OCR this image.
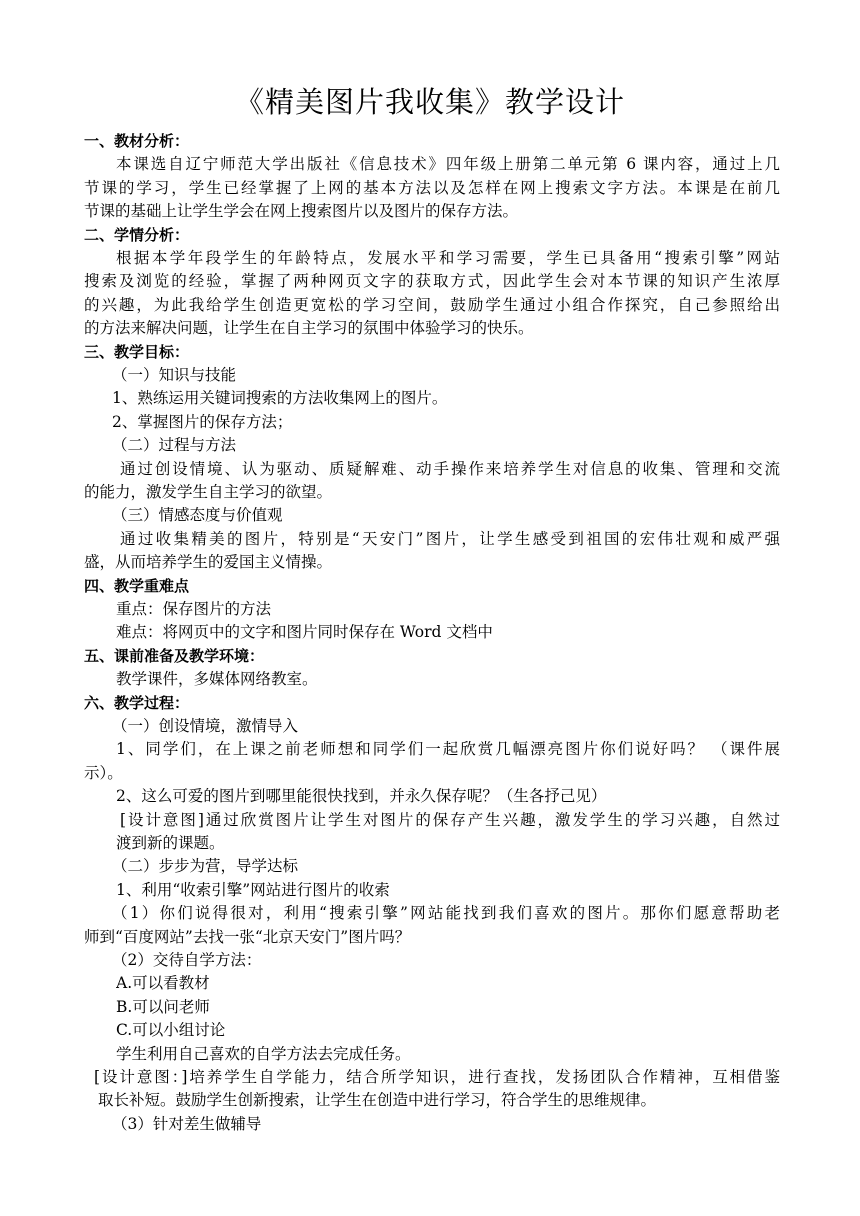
《精美图片我收集》教学设计
一、教材分析：
本课选自辽宁师范大学出版社《信息技术》四年级上册第二单元第 6 课内容，通过上几
节课的学习，学生已经掌握了上网的基本方法以及怎样在网上搜索文字方法。本课是在前几
节课的基础上让学生学会在网上搜索图片以及图片的保存方法。
二、学情分析：
根据本学年段学生的年龄特点，发展水平和学习需要，学生已具备用“搜索引擎”网站
搜索及浏览的经验，掌握了两种网页文字的获取方式，因此学生会对本节课的知识产生浓厚
的兴趣，为此我给学生创造更宽松的学习空间，鼓励学生通过小组合作探究，自己参照给出
的方法来解决问题，让学生在自主学习的氛围中体验学习的快乐。
三、教学目标：
（一）知识与技能
1、熟练运用关键词搜索的方法收集网上的图片。
2、掌握图片的保存方法；
（二）过程与方法
通过创设情境、认为驱动、质疑解难、动手操作来培养学生对信息的收集、管理和交流
的能力，激发学生自主学习的欲望。
（三）情感态度与价值观
通过收集精美的图片，特别是“天安门”图片，让学生感受到祖国的宏伟壮观和威严强
盛，从而培养学生的爱国主义情操。
四、教学重难点
重点：保存图片的方法
难点：将网页中的文字和图片同时保存在 Word 文档中
五、课前准备及教学环境：
教学课件，多媒体网络教室。
六、教学过程：
（一）创设情境，激情导入
1、同学们，在上课之前老师想和同学们一起欣赏几幅漂亮图片你们说好吗？ （课件展
示）。
2、这么可爱的图片到哪里能很快找到，并永久保存呢？（生各抒己见）
[设计意图]通过欣赏图片让学生对图片的保存产生兴趣，激发学生的学习兴趣，自然过
渡到新的课题。
（二）步步为营，导学达标
1、利用“收索引擎”网站进行图片的收索
（1）你们说得很对，利用“搜索引擎”网站能找到我们喜欢的图片。那你们愿意帮助老
师到“百度网站”去找一张“北京天安门”图片吗？
（2）交待自学方法：
A.可以看教材
B.可以问老师
C.可以小组讨论
学生利用自己喜欢的自学方法去完成任务。
[设计意图：]培养学生自学能力，结合所学知识，进行查找，发扬团队合作精神，互相借鉴
取长补短。鼓励学生创新搜索，让学生在创造中进行学习，符合学生的思维规律。
（3）针对差生做辅导
